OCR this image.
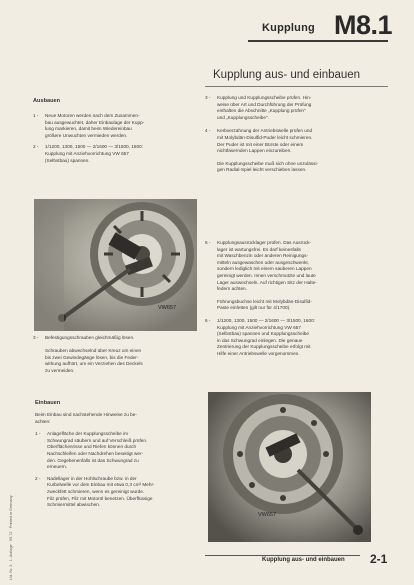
Kupplung M8.1
Kupplung aus- und einbauen
Ausbauen
1 - Neue Motoren werden nach dem Zusammen-
bau ausgewuchtet, daher Einbaulage der Kupp-
lung markieren, damit beim Wiedereinbau
größere Unwuchten vermieden werden.

2 - 1/1200, 1300, 1500 — 2/1600 — 3/1500, 1600:
Kupplung mit Anziehvorrichtung VW 657
(Selbstbau) spannen.

VW657
3 - Befestigungsschrauben gleichmäßig lösen.

Schrauben abwechselnd über Kreuz um einen
bis zwei Gewindegänge lösen, bis die Feder-
wirkung aufhört, um ein Verziehen des Deckels
zu vermeiden.

Einbauen

Beim Einbau sind nachstehende Hinweise zu be-
achten:

1 - Anlagefläche der Kupplungsscheibe im
Schwungrad säubern und auf Verschleiß prüfen.
Oberflächenrisse und Riefen können durch
Nachschleifen oder Nachdrehen beseitigt wer-
den. Gegebenenfalls ist das Schwungrad zu
erneuern.

2 - Nadellager in der Hohlschraube bzw. in der
Kurbelwelle vor dem Einbau mit etwa 0,3 cm³ Mehr-
zweckfett schmieren, wenn es gereinigt wurde.
Filz prüfen, Filz mit Motoröl benetzen. Überflüssige
Schmiermittel abwischen.

3 - Kupplung und Kupplungsscheibe prüfen. Hin-
weise über Art und Durchführung der Prüfung
enthalten die Abschnitte „Kupplung prüfen"
und „Kupplungsscheibe".

4 - Kerbverzahnung der Antriebswelle prüfen und
mit Molybdän-Disulfid-Puder leicht schmieren.
Der Puder ist mit einer Bürste oder einem
nichtfasernden Lappen einzureiben.

Die Kupplungsscheibe muß sich ohne unzulässi-
gen Radial-Spiel leicht verschieben lassen.

5 - Kupplungsausrücklager prüfen. Das Ausrück-
lager ist wartungsfrei. Es darf keinesfalls
mit Waschbenzin oder anderen Reinigungs-
mitteln ausgewaschen oder ausgeschwenkt,
sondern lediglich mit einem sauberen Lappen
gereinigt werden. Innen verschmutzte und laute
Lager auswechseln. Auf richtigen Sitz der Halte-
federn achten.

Führungsbuchse leicht mit Molybdän-Disulfid-
Paste einfetten (gilt nur für 4/1700).

6 - 1/1200, 1300, 1500 — 2/1600 — 3/1500, 1600:
Kupplung mit Anziehvorrichtung VW 657
(Selbstbau) spannen und Kupplungsscheibe
in das Schwungrad einlegen. Die genaue
Zentrierung der Kupplungsscheibe erfolgt mit
Hilfe einer Antriebswelle vorgenommen.

VW657
Lfd. Nr. 3 · 1. Auflage · 09.72 · Printed in Germany	Kupplung aus- und einbauen 2-1
